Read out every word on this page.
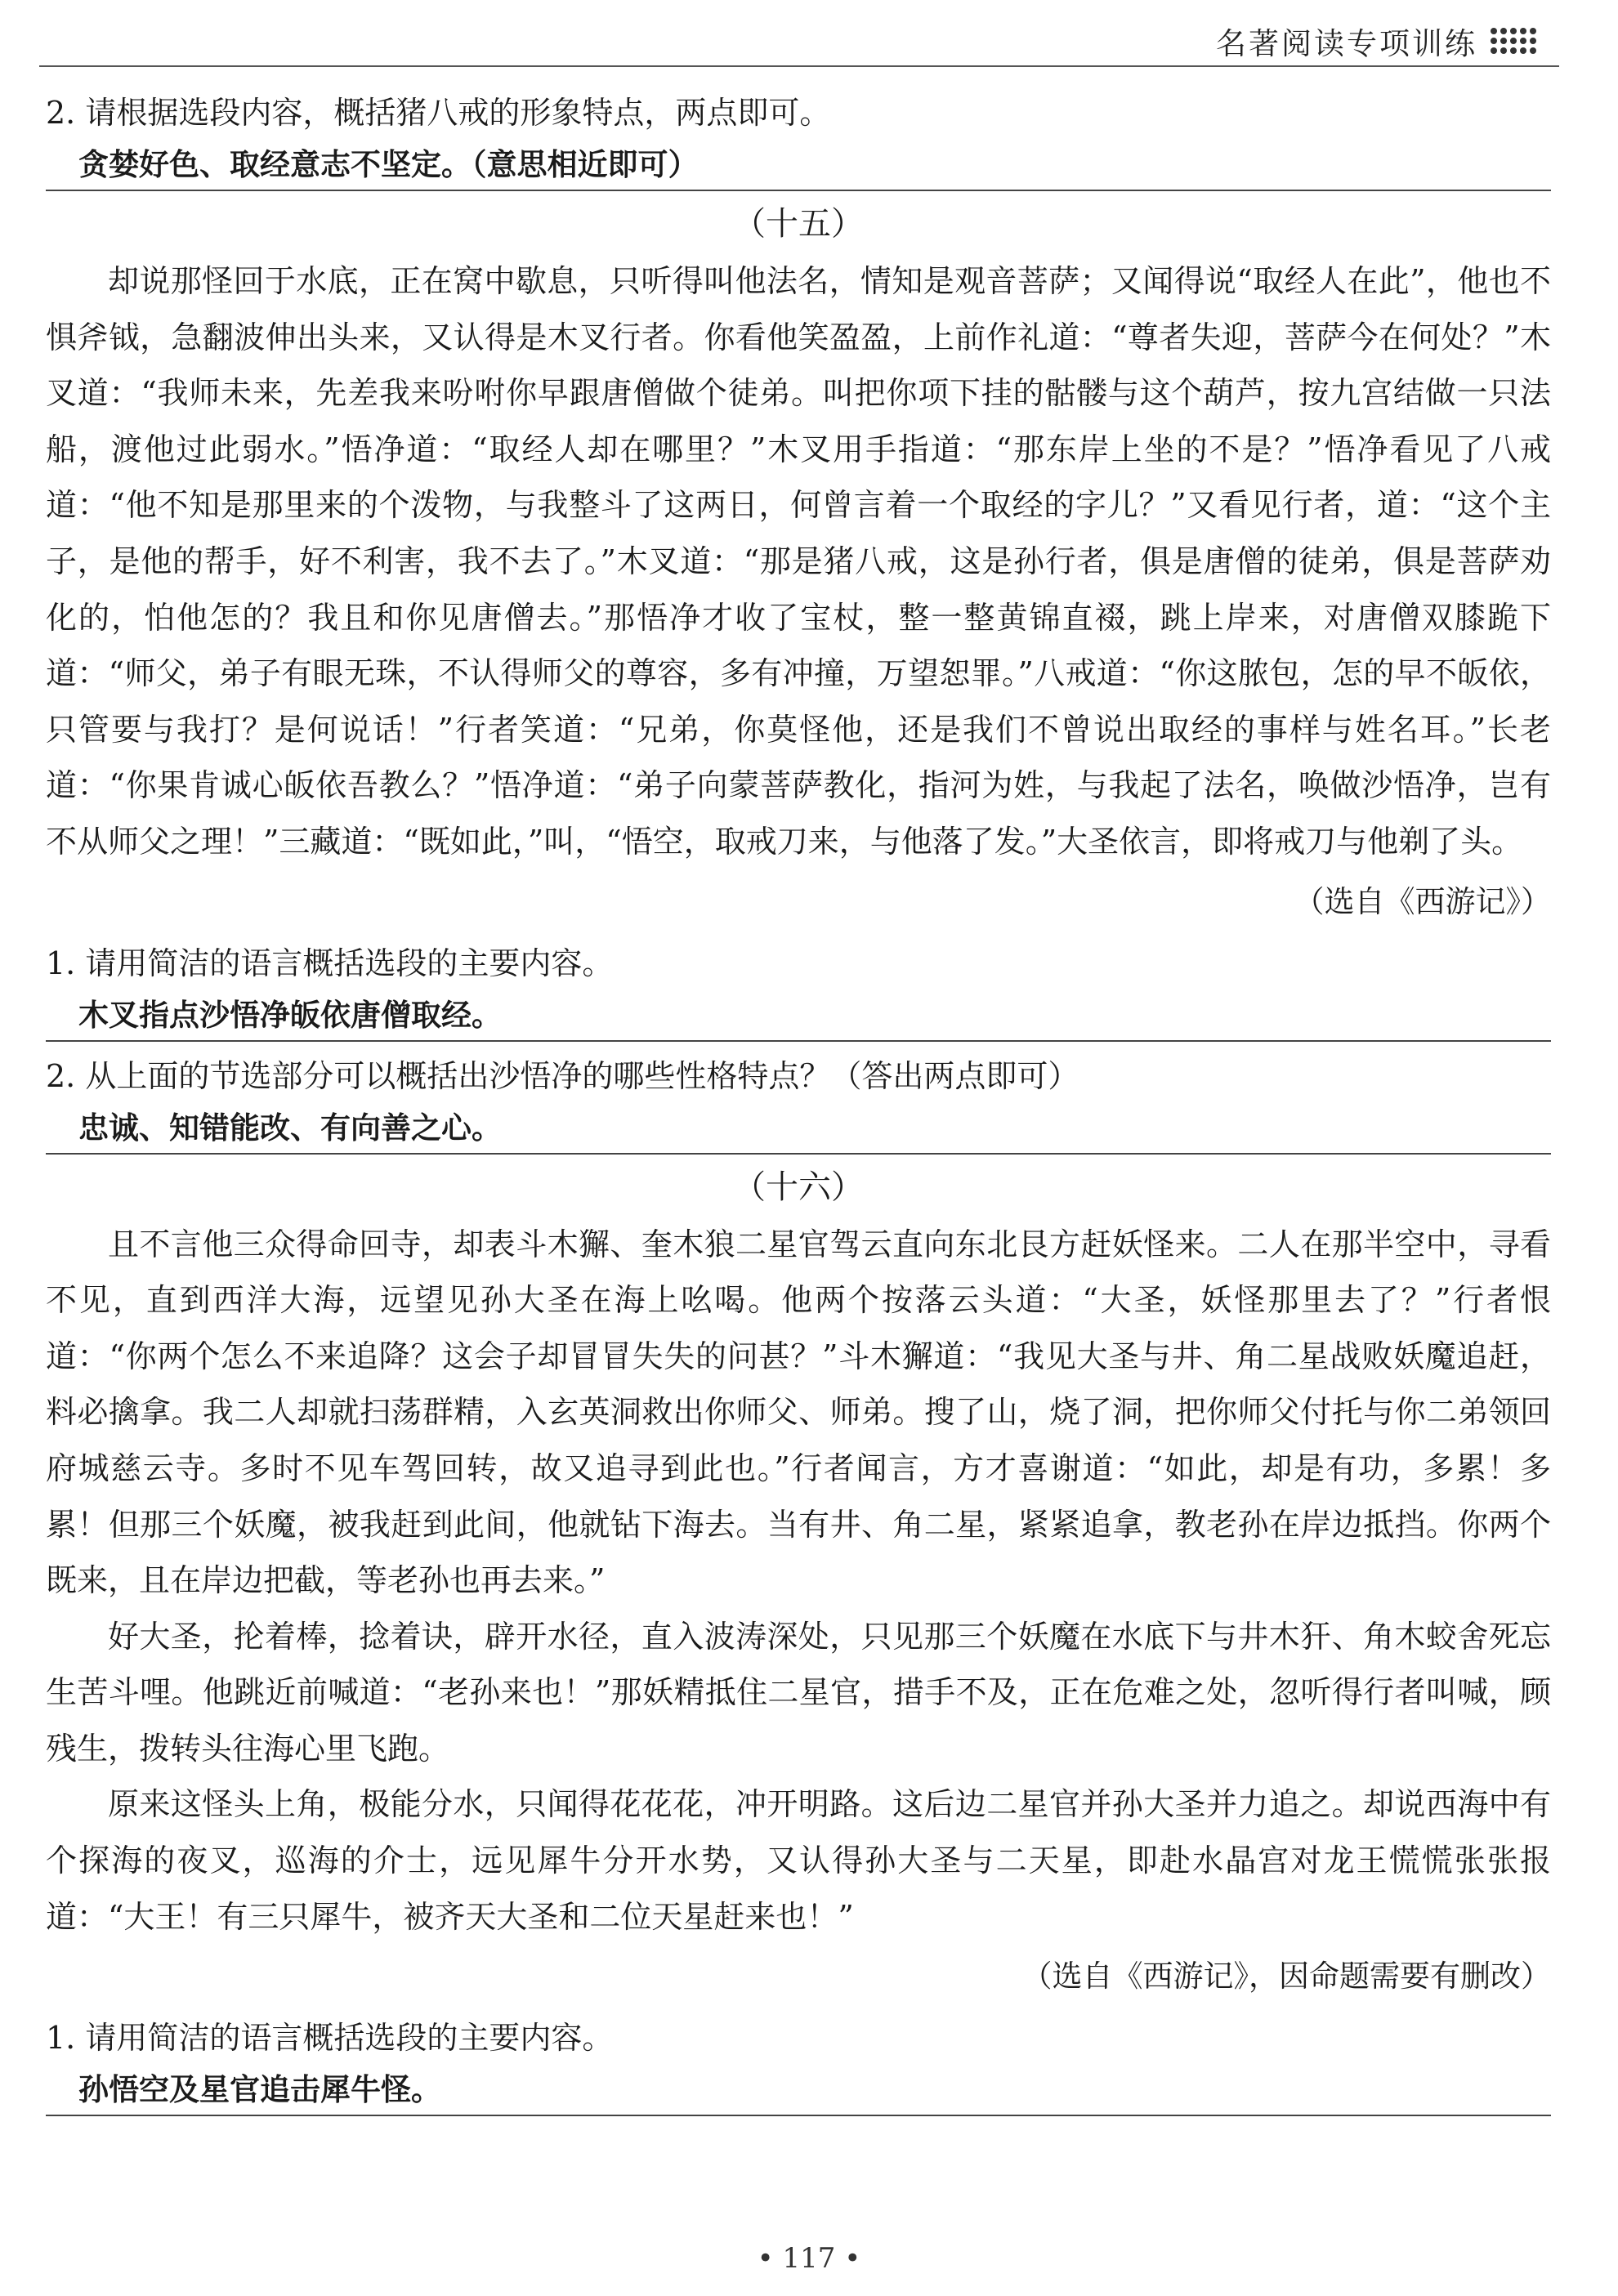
名著阅读专项训练

2. 请根据选段内容，概括猪八戒的形象特点，两点即可。

贪婪好色、取经意志不坚定。（意思相近即可）

（十五）

却说那怪回于水底，正在窝中歇息，只听得叫他法名，情知是观音菩萨；又闻得说“取经人在此”，他也不惧斧钺，急翻波伸出头来，又认得是木叉行者。你看他笑盈盈，上前作礼道：“尊者失迎，菩萨今在何处？”木叉道：“我师未来，先差我来吩咐你早跟唐僧做个徒弟。叫把你项下挂的骷髅与这个葫芦，按九宫结做一只法船，渡他过此弱水。”悟净道：“取经人却在哪里？”木叉用手指道：“那东岸上坐的不是？”悟净看见了八戒道：“他不知是那里来的个泼物，与我整斗了这两日，何曾言着一个取经的字儿？”又看见行者，道：“这个主子，是他的帮手，好不利害，我不去了。”木叉道：“那是猪八戒，这是孙行者，俱是唐僧的徒弟，俱是菩萨劝化的，怕他怎的？我且和你见唐僧去。”那悟净才收了宝杖，整一整黄锦直裰，跳上岸来，对唐僧双膝跪下道：“师父，弟子有眼无珠，不认得师父的尊容，多有冲撞，万望恕罪。”八戒道：“你这脓包，怎的早不皈依，只管要与我打？是何说话！”行者笑道：“兄弟，你莫怪他，还是我们不曾说出取经的事样与姓名耳。”长老道：“你果肯诚心皈依吾教么？”悟净道：“弟子向蒙菩萨教化，指河为姓，与我起了法名，唤做沙悟净，岂有不从师父之理！”三藏道：“既如此，”叫，“悟空，取戒刀来，与他落了发。”大圣依言，即将戒刀与他剃了头。

（选自《西游记》）

1. 请用简洁的语言概括选段的主要内容。

木叉指点沙悟净皈依唐僧取经。

2. 从上面的节选部分可以概括出沙悟净的哪些性格特点？（答出两点即可）

忠诚、知错能改、有向善之心。

（十六）

且不言他三众得命回寺，却表斗木獬、奎木狼二星官驾云直向东北艮方赶妖怪来。二人在那半空中，寻看不见，直到西洋大海，远望见孙大圣在海上吆喝。他两个按落云头道：“大圣，妖怪那里去了？”行者恨道：“你两个怎么不来追降？这会子却冒冒失失的问甚？”斗木獬道：“我见大圣与井、角二星战败妖魔追赶，料必擒拿。我二人却就扫荡群精，入玄英洞救出你师父、师弟。搜了山，烧了洞，把你师父付托与你二弟领回府城慈云寺。多时不见车驾回转，故又追寻到此也。”行者闻言，方才喜谢道：“如此，却是有功，多累！多累！但那三个妖魔，被我赶到此间，他就钻下海去。当有井、角二星，紧紧追拿，教老孙在岸边抵挡。你两个既来，且在岸边把截，等老孙也再去来。”

好大圣，抡着棒，捻着诀，辟开水径，直入波涛深处，只见那三个妖魔在水底下与井木犴、角木蛟舍死忘生苦斗哩。他跳近前喊道：“老孙来也！”那妖精抵住二星官，措手不及，正在危难之处，忽听得行者叫喊，顾残生，拨转头往海心里飞跑。

原来这怪头上角，极能分水，只闻得花花花，冲开明路。这后边二星官并孙大圣并力追之。却说西海中有个探海的夜叉，巡海的介士，远见犀牛分开水势，又认得孙大圣与二天星，即赴水晶宫对龙王慌慌张张报道：“大王！有三只犀牛，被齐天大圣和二位天星赶来也！”

（选自《西游记》，因命题需要有删改）

1. 请用简洁的语言概括选段的主要内容。

孙悟空及星官追击犀牛怪。

• 117 •
